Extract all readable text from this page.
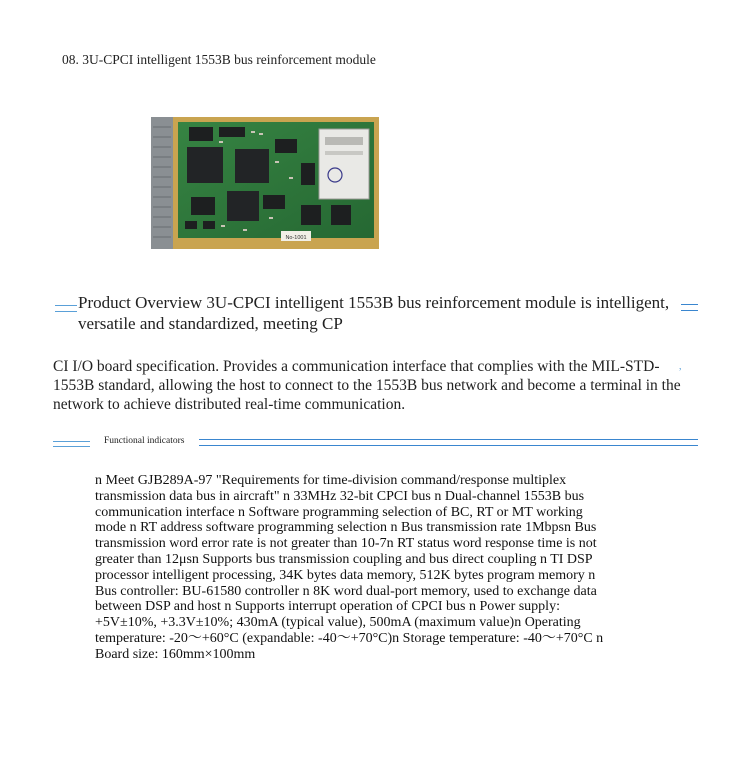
08. 3U-CPCI intelligent 1553B bus reinforcement module
No-1001
Product Overview 3U-CPCI intelligent 1553B bus reinforcement module is intelligent, versatile and standardized, meeting CP
CI I/O board specification. Provides a communication interface that complies with the MIL-STD-1553B standard, allowing the host to connect to the 1553B bus network and become a terminal in the network to achieve distributed real-time communication.
,
Functional indicators
n Meet GJB289A-97 "Requirements for time-division command/response multiplex transmission data bus in aircraft" n 33MHz 32-bit CPCI bus n Dual-channel 1553B bus communication interface n Software programming selection of BC, RT or MT working mode n RT address software programming selection n Bus transmission rate 1Mbpsn Bus transmission word error rate is not greater than 10-7n RT status word response time is not greater than 12μsn Supports bus transmission coupling and bus direct coupling n TI DSP processor intelligent processing, 34K bytes data memory, 512K bytes program memory n Bus controller: BU-61580 controller n 8K word dual-port memory, used to exchange data between DSP and host n Supports interrupt operation of CPCI bus n Power supply: +5V±10%, +3.3V±10%; 430mA (typical value), 500mA (maximum value)n Operating temperature: -20～+60°C (expandable: -40～+70°C)n Storage temperature: -40～+70°C n Board size: 160mm×100mm
